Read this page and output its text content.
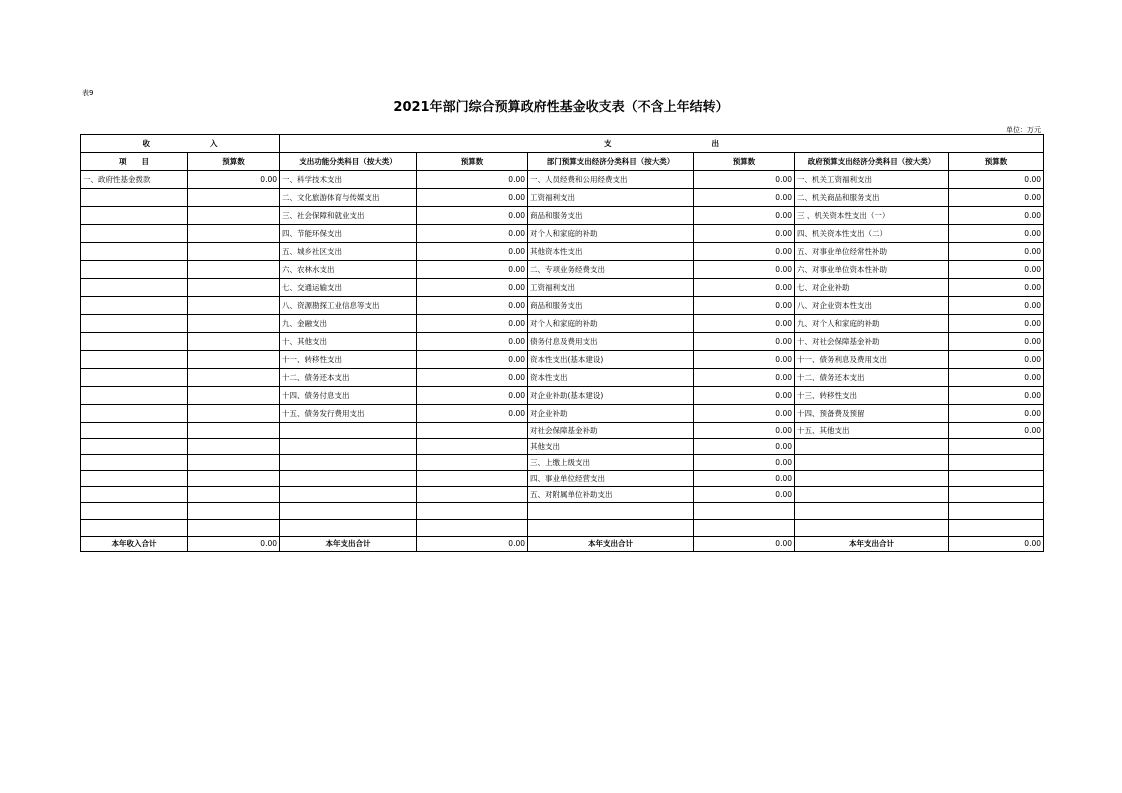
表9
2021年部门综合预算政府性基金收支表（不含上年结转）
单位：万元
收 入		支 出					
项　　目	预算数	支出功能分类科目（按大类）	预算数	部门预算支出经济分类科目（按大类）	预算数	政府预算支出经济分类科目（按大类）	预算数
一、政府性基金拨款	0.00	一、科学技术支出	0.00	一、人员经费和公用经费支出	0.00	一、机关工资福利支出	0.00
		二、文化旅游体育与传媒支出	0.00	工资福利支出	0.00	二、机关商品和服务支出	0.00
		三、社会保障和就业支出	0.00	商品和服务支出	0.00	三 、机关资本性支出（一）	0.00
		四、节能环保支出	0.00	对个人和家庭的补助	0.00	四、机关资本性支出（二）	0.00
		五、城乡社区支出	0.00	其他资本性支出	0.00	五、对事业单位经常性补助	0.00
		六、农林水支出	0.00	二、专项业务经费支出	0.00	六、对事业单位资本性补助	0.00
		七、交通运输支出	0.00	工资福利支出	0.00	七、对企业补助	0.00
		八、资源勘探工业信息等支出	0.00	商品和服务支出	0.00	八、对企业资本性支出	0.00
		九、金融支出	0.00	对个人和家庭的补助	0.00	九、对个人和家庭的补助	0.00
		十、其他支出	0.00	债务付息及费用支出	0.00	十、对社会保障基金补助	0.00
		十一、转移性支出	0.00	资本性支出(基本建设)	0.00	十一、债务利息及费用支出	0.00
		十二、债务还本支出	0.00	资本性支出	0.00	十二、债务还本支出	0.00
		十四、债务付息支出	0.00	对企业补助(基本建设)	0.00	十三、转移性支出	0.00
		十五、债务发行费用支出	0.00	对企业补助	0.00	十四、预备费及预留	0.00
				对社会保障基金补助	0.00	十五、其他支出	0.00
				其他支出	0.00		
				三、上缴上级支出	0.00		
				四、事业单位经营支出	0.00		
				五、对附属单位补助支出	0.00		

本年收入合计	0.00	本年支出合计	0.00	本年支出合计	0.00	本年支出合计	0.00
